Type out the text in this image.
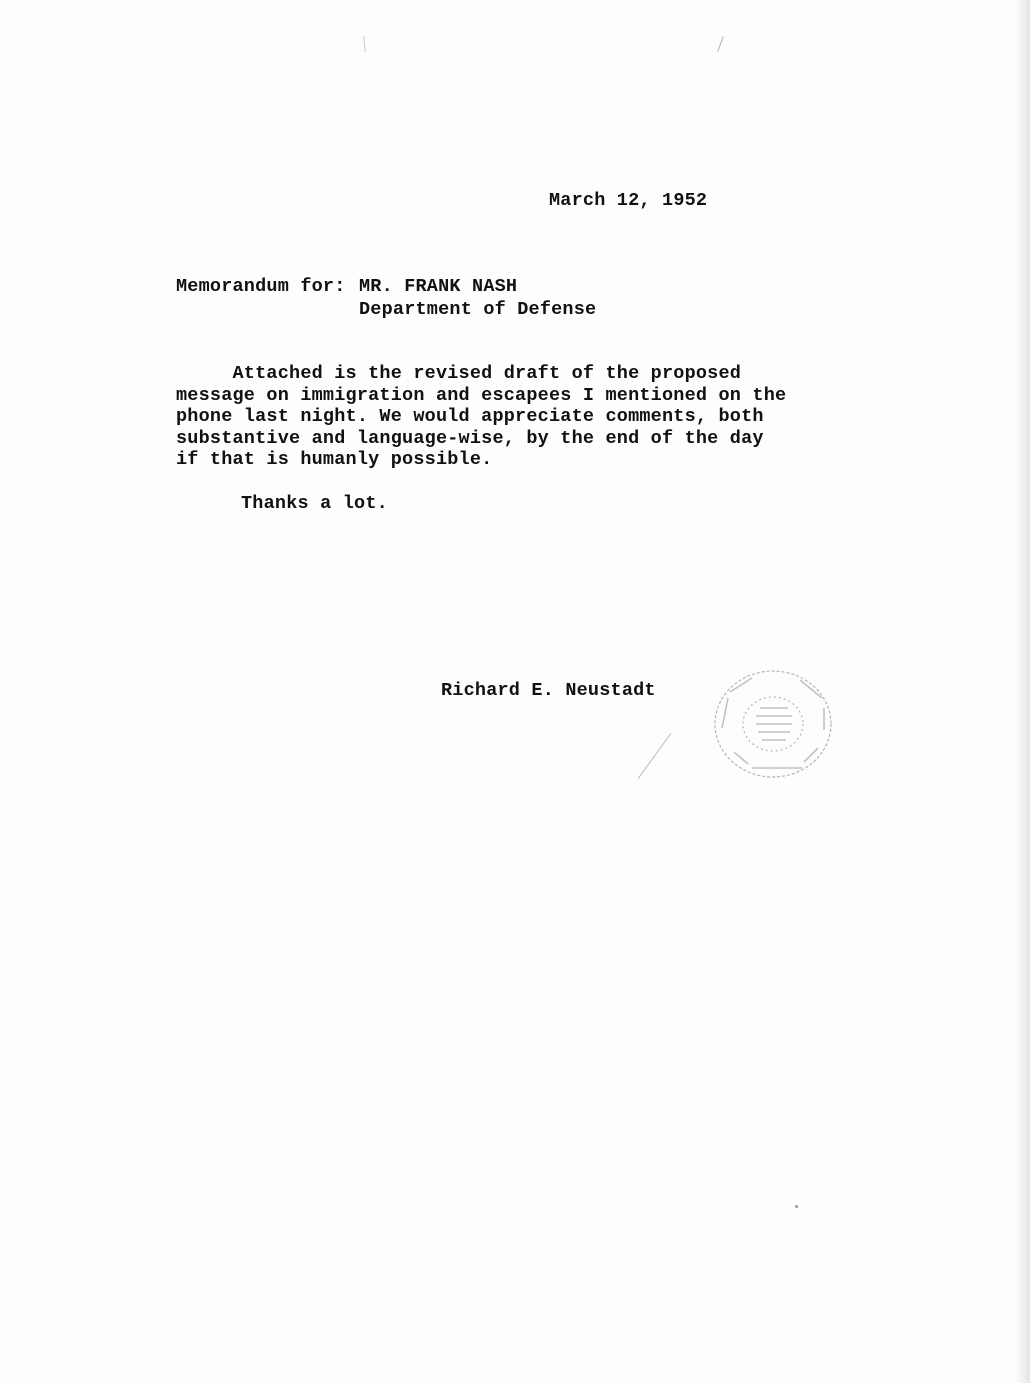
March 12, 1952
Memorandum for: MR. FRANK NASH
Department of Defense
Attached is the revised draft of the proposed
message on immigration and escapees I mentioned on the
phone last night. We would appreciate comments, both
substantive and language-wise, by the end of the day
if that is humanly possible.
Thanks a lot.
Richard E. Neustadt
